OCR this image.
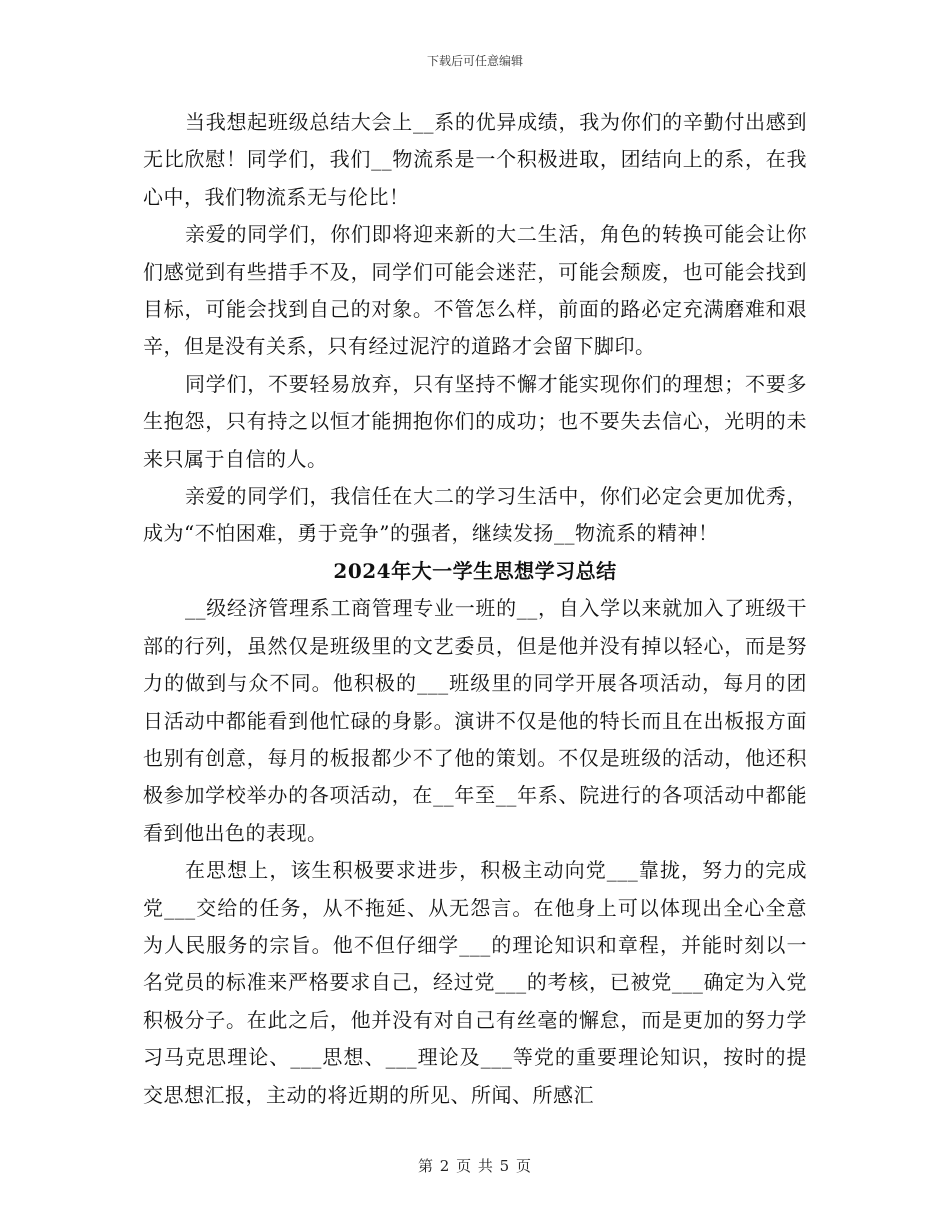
下载后可任意编辑

当我想起班级总结大会上__系的优异成绩，我为你们的辛勤付出感到无比欣慰！同学们，我们__物流系是一个积极进取，团结向上的系，在我心中，我们物流系无与伦比！

亲爱的同学们，你们即将迎来新的大二生活，角色的转换可能会让你们感觉到有些措手不及，同学们可能会迷茫，可能会颓废，也可能会找到目标，可能会找到自己的对象。不管怎么样，前面的路必定充满磨难和艰辛，但是没有关系，只有经过泥泞的道路才会留下脚印。

同学们，不要轻易放弃，只有坚持不懈才能实现你们的理想；不要多生抱怨，只有持之以恒才能拥抱你们的成功；也不要失去信心，光明的未来只属于自信的人。

亲爱的同学们，我信任在大二的学习生活中，你们必定会更加优秀，成为“不怕困难，勇于竞争”的强者，继续发扬__物流系的精神！

2024年大一学生思想学习总结

__级经济管理系工商管理专业一班的__，自入学以来就加入了班级干部的行列，虽然仅是班级里的文艺委员，但是他并没有掉以轻心，而是努力的做到与众不同。他积极的___班级里的同学开展各项活动，每月的团日活动中都能看到他忙碌的身影。演讲不仅是他的特长而且在出板报方面也别有创意，每月的板报都少不了他的策划。不仅是班级的活动，他还积极参加学校举办的各项活动，在__年至__年系、院进行的各项活动中都能看到他出色的表现。

在思想上，该生积极要求进步，积极主动向党___靠拢，努力的完成党___交给的任务，从不拖延、从无怨言。在他身上可以体现出全心全意为人民服务的宗旨。他不但仔细学___的理论知识和章程，并能时刻以一名党员的标准来严格要求自己，经过党___的考核，已被党___确定为入党积极分子。在此之后，他并没有对自己有丝毫的懈怠，而是更加的努力学习马克思理论、___思想、___理论及___等党的重要理论知识，按时的提交思想汇报，主动的将近期的所见、所闻、所感汇

第 2 页 共 5 页
